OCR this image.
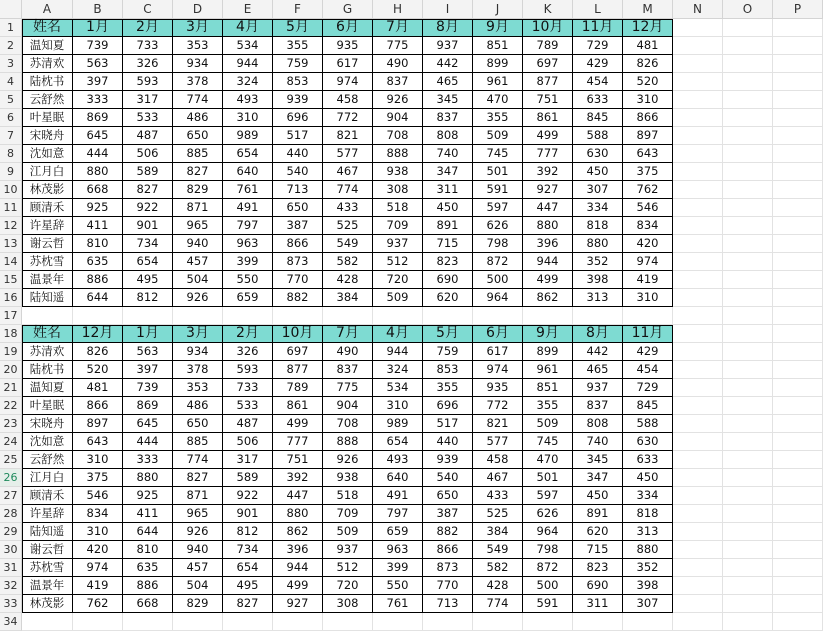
A	B	C	D	E	F	G	H	I	J	K	L	M	N	O	P
1
2
3
4
5
6
7
8
9
10
11
12
13
14
15
16
17
18
19
20
21
22
23
24
25
26
27
28
29
30
31
32
33
34
姓名	1月	2月	3月	4月	5月	6月	7月	8月	9月	10月	11月	12月
温知夏	739	733	353	534	355	935	775	937	851	789	729	481
苏清欢	563	326	934	944	759	617	490	442	899	697	429	826
陆枕书	397	593	378	324	853	974	837	465	961	877	454	520
云舒然	333	317	774	493	939	458	926	345	470	751	633	310
叶星眠	869	533	486	310	696	772	904	837	355	861	845	866
宋晓舟	645	487	650	989	517	821	708	808	509	499	588	897
沈如意	444	506	885	654	440	577	888	740	745	777	630	643
江月白	880	589	827	640	540	467	938	347	501	392	450	375
林茂影	668	827	829	761	713	774	308	311	591	927	307	762
顾清禾	925	922	871	491	650	433	518	450	597	447	334	546
许星辞	411	901	965	797	387	525	709	891	626	880	818	834
谢云哲	810	734	940	963	866	549	937	715	798	396	880	420
苏枕雪	635	654	457	399	873	582	512	823	872	944	352	974
温景年	886	495	504	550	770	428	720	690	500	499	398	419
陆知遥	644	812	926	659	882	384	509	620	964	862	313	310
姓名	12月	1月	3月	2月	10月	7月	4月	5月	6月	9月	8月	11月
苏清欢	826	563	934	326	697	490	944	759	617	899	442	429
陆枕书	520	397	378	593	877	837	324	853	974	961	465	454
温知夏	481	739	353	733	789	775	534	355	935	851	937	729
叶星眠	866	869	486	533	861	904	310	696	772	355	837	845
宋晓舟	897	645	650	487	499	708	989	517	821	509	808	588
沈如意	643	444	885	506	777	888	654	440	577	745	740	630
云舒然	310	333	774	317	751	926	493	939	458	470	345	633
江月白	375	880	827	589	392	938	640	540	467	501	347	450
顾清禾	546	925	871	922	447	518	491	650	433	597	450	334
许星辞	834	411	965	901	880	709	797	387	525	626	891	818
陆知遥	310	644	926	812	862	509	659	882	384	964	620	313
谢云哲	420	810	940	734	396	937	963	866	549	798	715	880
苏枕雪	974	635	457	654	944	512	399	873	582	872	823	352
温景年	419	886	504	495	499	720	550	770	428	500	690	398
林茂影	762	668	829	827	927	308	761	713	774	591	311	307
